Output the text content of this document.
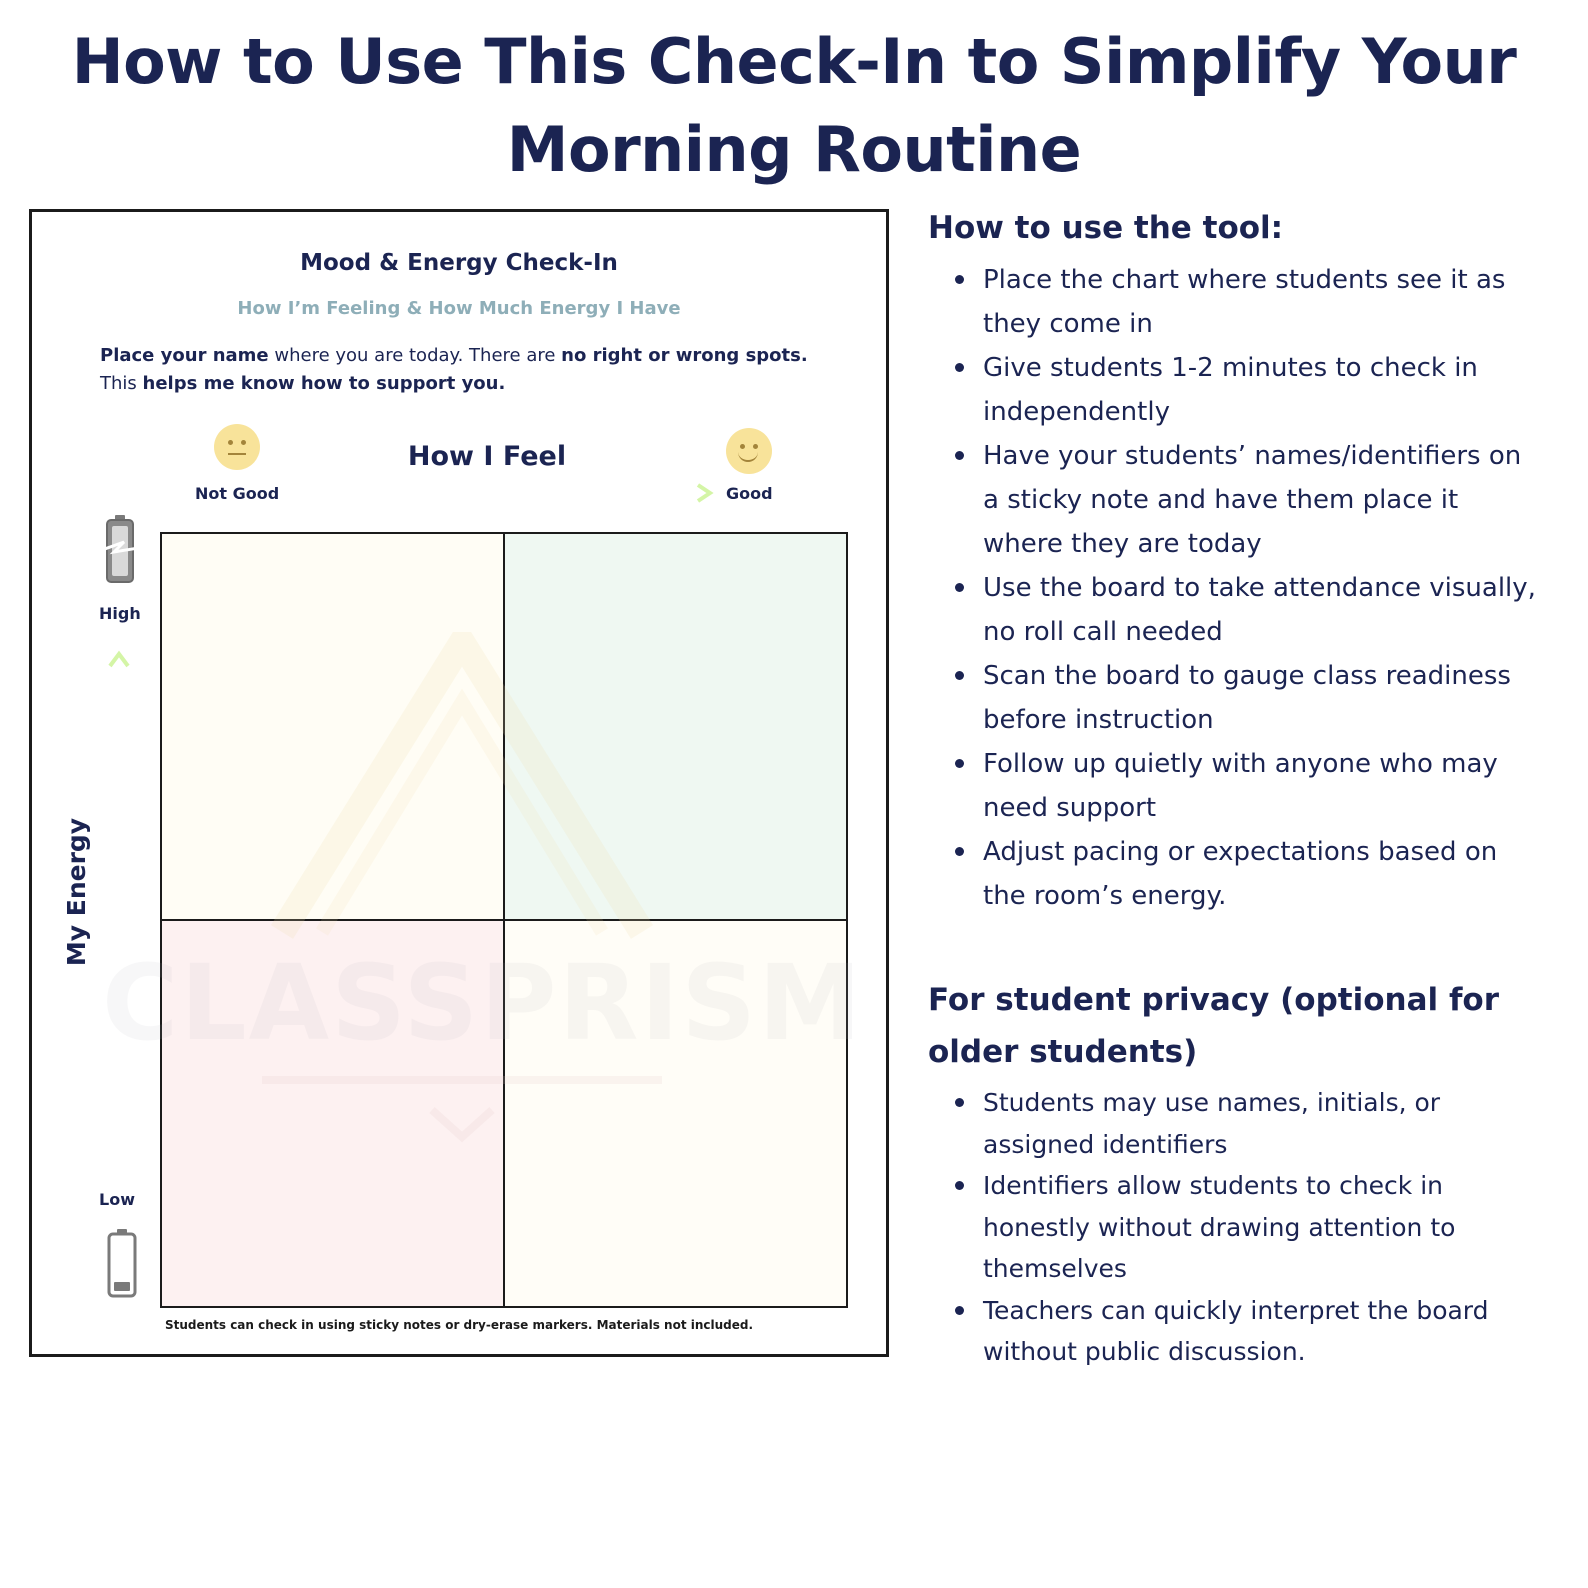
How to Use This Check-In to Simplify Your Morning Routine
Mood & Energy Check-In
How I’m Feeling & How Much Energy I Have
Place your name where you are today. There are no right or wrong spots. This helps me know how to support you.
How I Feel
Not Good	Good
High
My Energy
Low
Students can check in using sticky notes or dry-erase markers. Materials not included.
How to use the tool:
Place the chart where students see it as they come in
Give students 1-2 minutes to check in independently
Have your students’ names/identifiers on a sticky note and have them place it where they are today
Use the board to take attendance visually, no roll call needed
Scan the board to gauge class readiness before instruction
Follow up quietly with anyone who may need support
Adjust pacing or expectations based on the room’s energy.
For student privacy (optional for
older students)
Students may use names, initials, or assigned identifiers
Identifiers allow students to check in honestly without drawing attention to themselves
Teachers can quickly interpret the board without public discussion.
